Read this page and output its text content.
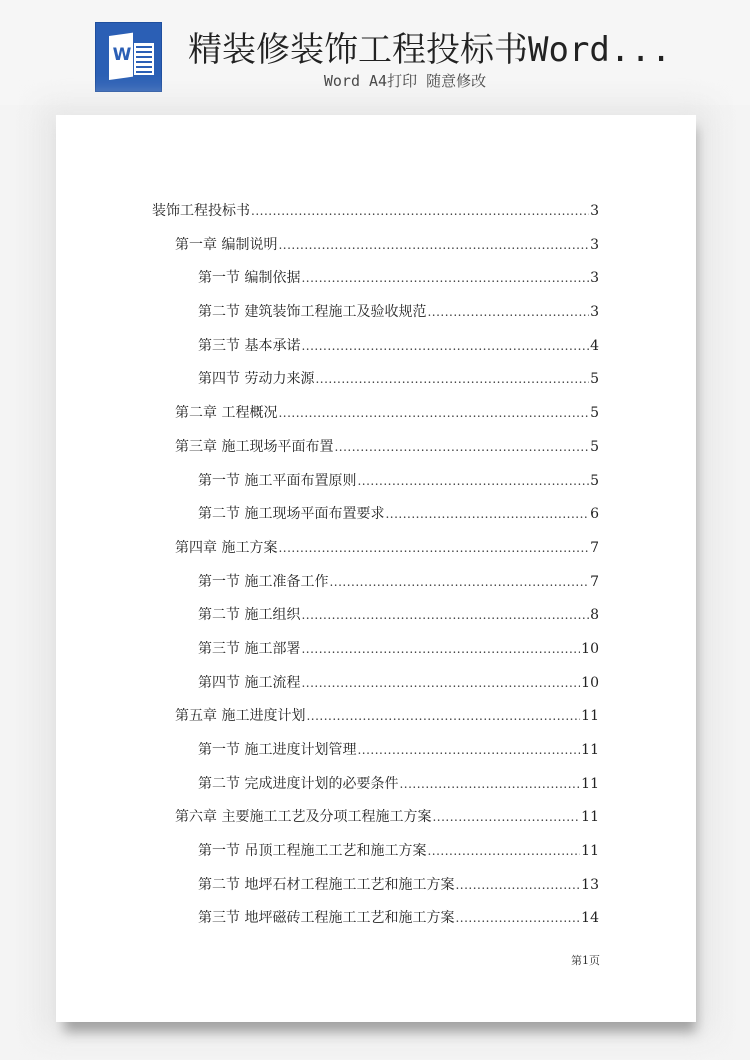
W 精装修装饰工程投标书Word...
Word A4打印 随意修改
装饰工程投标书 .....	3
第一章 编制说明 .....	3
第一节 编制依据 .....	3
第二节 建筑装饰工程施工及验收规范 .....	3
第三节 基本承诺 .....	4
第四节 劳动力来源 .....	5
第二章 工程概况 .....	5
第三章 施工现场平面布置 .....	5
第一节 施工平面布置原则 .....	5
第二节 施工现场平面布置要求 .....	6
第四章 施工方案 .....	7
第一节 施工准备工作 .....	7
第二节 施工组织 .....	8
第三节 施工部署 .....	10
第四节 施工流程 .....	10
第五章 施工进度计划 .....	11
第一节 施工进度计划管理 .....	11
第二节 完成进度计划的必要条件 .....	11
第六章 主要施工工艺及分项工程施工方案 .....	11
第一节 吊顶工程施工工艺和施工方案 .....	11
第二节 地坪石材工程施工工艺和施工方案 .....	13
第三节 地坪磁砖工程施工工艺和施工方案 .....	14
第1页
